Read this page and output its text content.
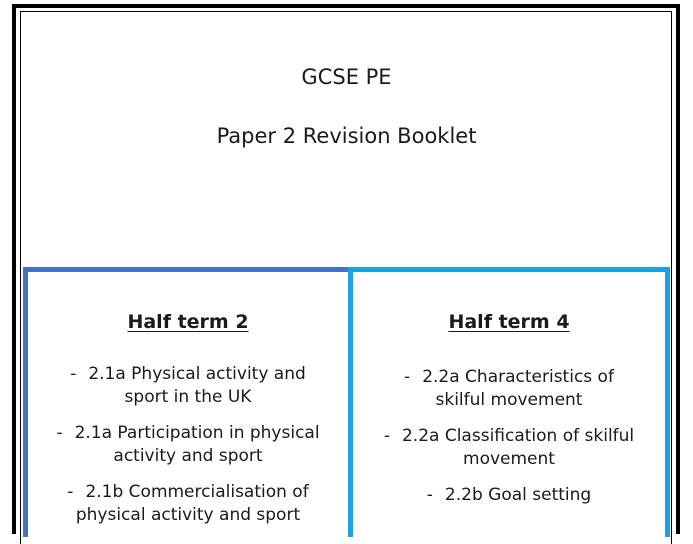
GCSE PE
Paper 2 Revision Booklet
Half term 2
- 2.1a Physical activity and
sport in the UK
- 2.1a Participation in physical
activity and sport
- 2.1b Commercialisation of
physical activity and sport
Half term 4
- 2.2a Characteristics of
skilful movement
- 2.2a Classification of skilful
movement
- 2.2b Goal setting
